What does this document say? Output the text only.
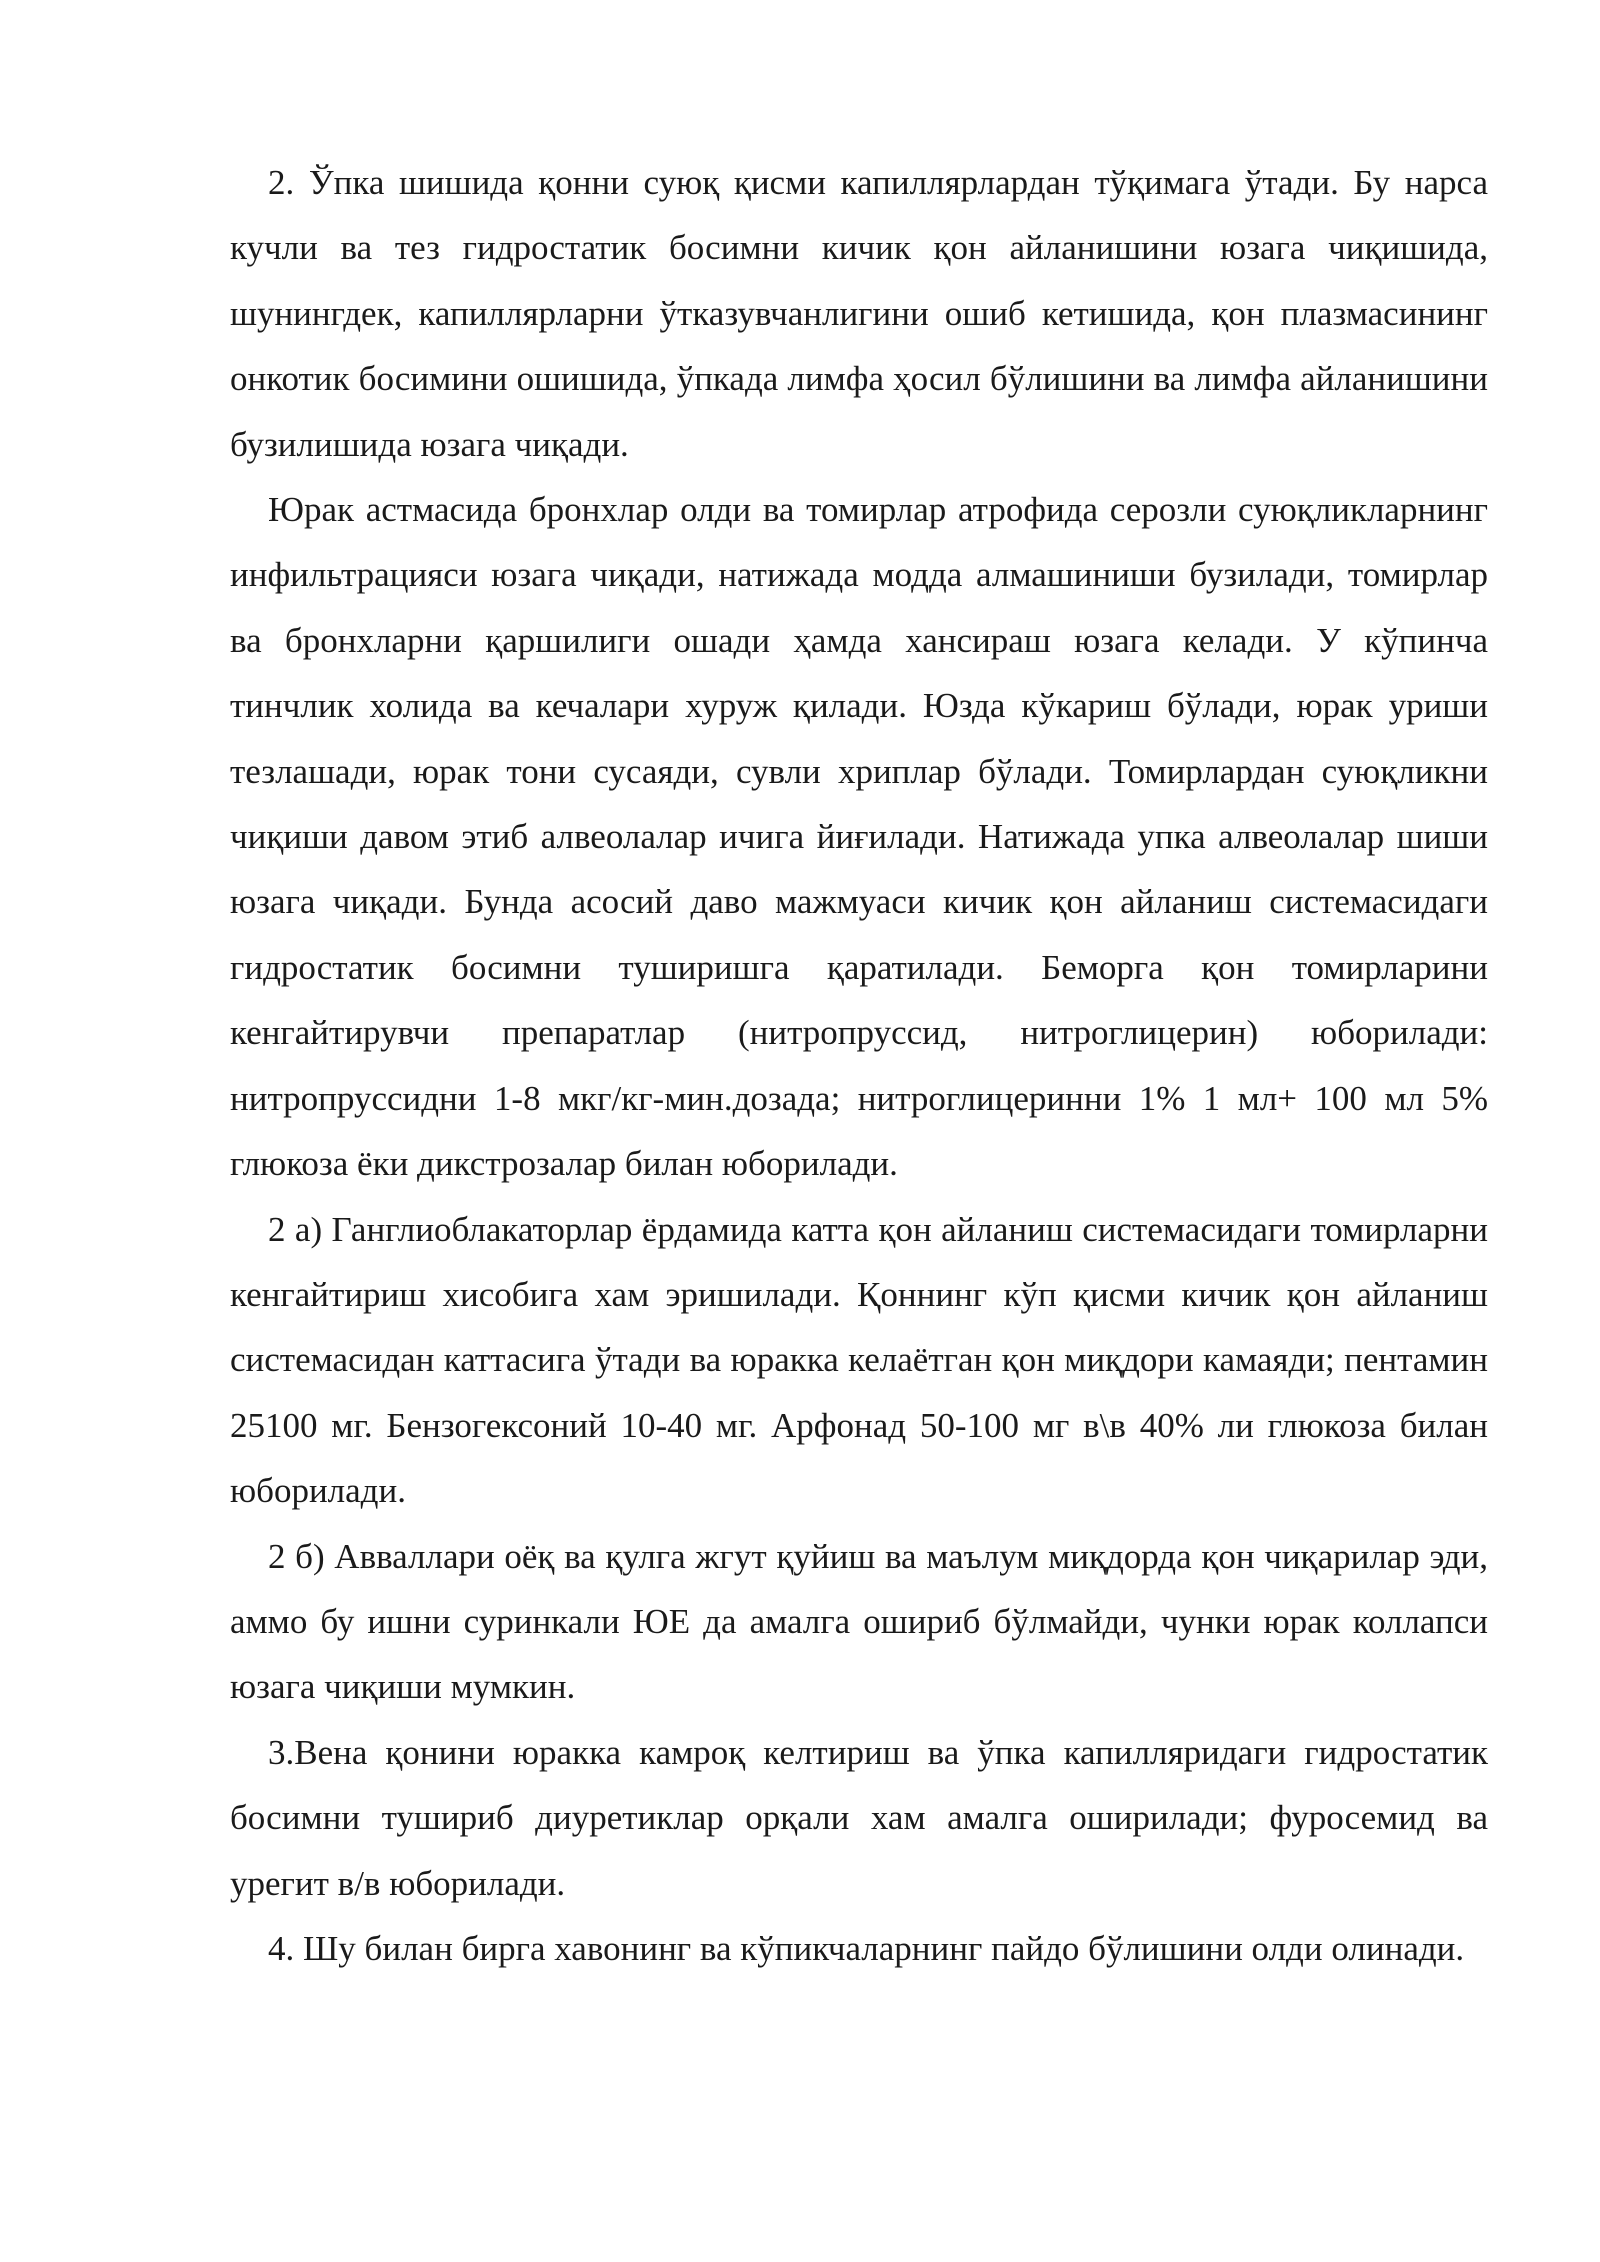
2. Ўпка шишида қонни суюқ қисми капиллярлардан тўқимага ўтади. Бу нарса кучли ва тез гидростатик босимни кичик қон айланишини юзага чиқишида, шунингдек, капиллярларни ўтказувчанлигини ошиб кетишида, қон плазмасининг онкотик босимини ошишида, ўпкада лимфа ҳосил бўлишини ва лимфа айланишини бузилишида юзага чиқади.

Юрак астмасида бронхлар олди ва томирлар атрофида серозли суюқликларнинг инфильтрацияси юзага чиқади, натижада модда алмашиниши бузилади, томирлар ва бронхларни қаршилиги ошади ҳамда хансираш юзага келади. У кўпинча тинчлик холида ва кечалари хуруж қилади. Юзда кўкариш бўлади, юрак уриши тезлашади, юрак тони сусаяди, сувли хриплар бўлади. Томирлардан суюқликни чиқиши давом этиб алвеолалар ичига йиғилади. Натижада упка алвеолалар шиши юзага чиқади. Бунда асосий даво мажмуаси кичик қон айланиш системасидаги гидростатик босимни туширишга қаратилади. Беморга қон томирларини кенгайтирувчи препаратлар (нитропруссид, нитроглицерин) юборилади: нитропруссидни 1-8 мкг/кг-мин.дозада; нитроглицеринни 1% 1 мл+ 100 мл 5% глюкоза ёки дикстрозалар билан юборилади.

2 а) Ганглиоблакаторлар ёрдамида катта қон айланиш системасидаги томирларни кенгайтириш хисобига хам эришилади. Қоннинг кўп қисми кичик қон айланиш системасидан каттасига ўтади ва юракка келаётган қон миқдори камаяди; пентамин 25100 мг. Бензогексоний 10-40 мг. Арфонад 50-100 мг в\в 40% ли глюкоза билан юборилади.

2 б) Авваллари оёқ ва қулга жгут қуйиш ва маълум миқдорда қон чиқарилар эди, аммо бу ишни суринкали ЮЕ да амалга ошириб бўлмайди, чунки юрак коллапси юзага чиқиши мумкин.

3.Вена қонини юракка камроқ келтириш ва ўпка капилляридаги гидростатик босимни тушириб диуретиклар орқали хам амалга оширилади; фуросемид ва урегит в/в юборилади.

4. Шу билан бирга хавонинг ва кўпикчаларнинг пайдо бўлишини олди олинади.
